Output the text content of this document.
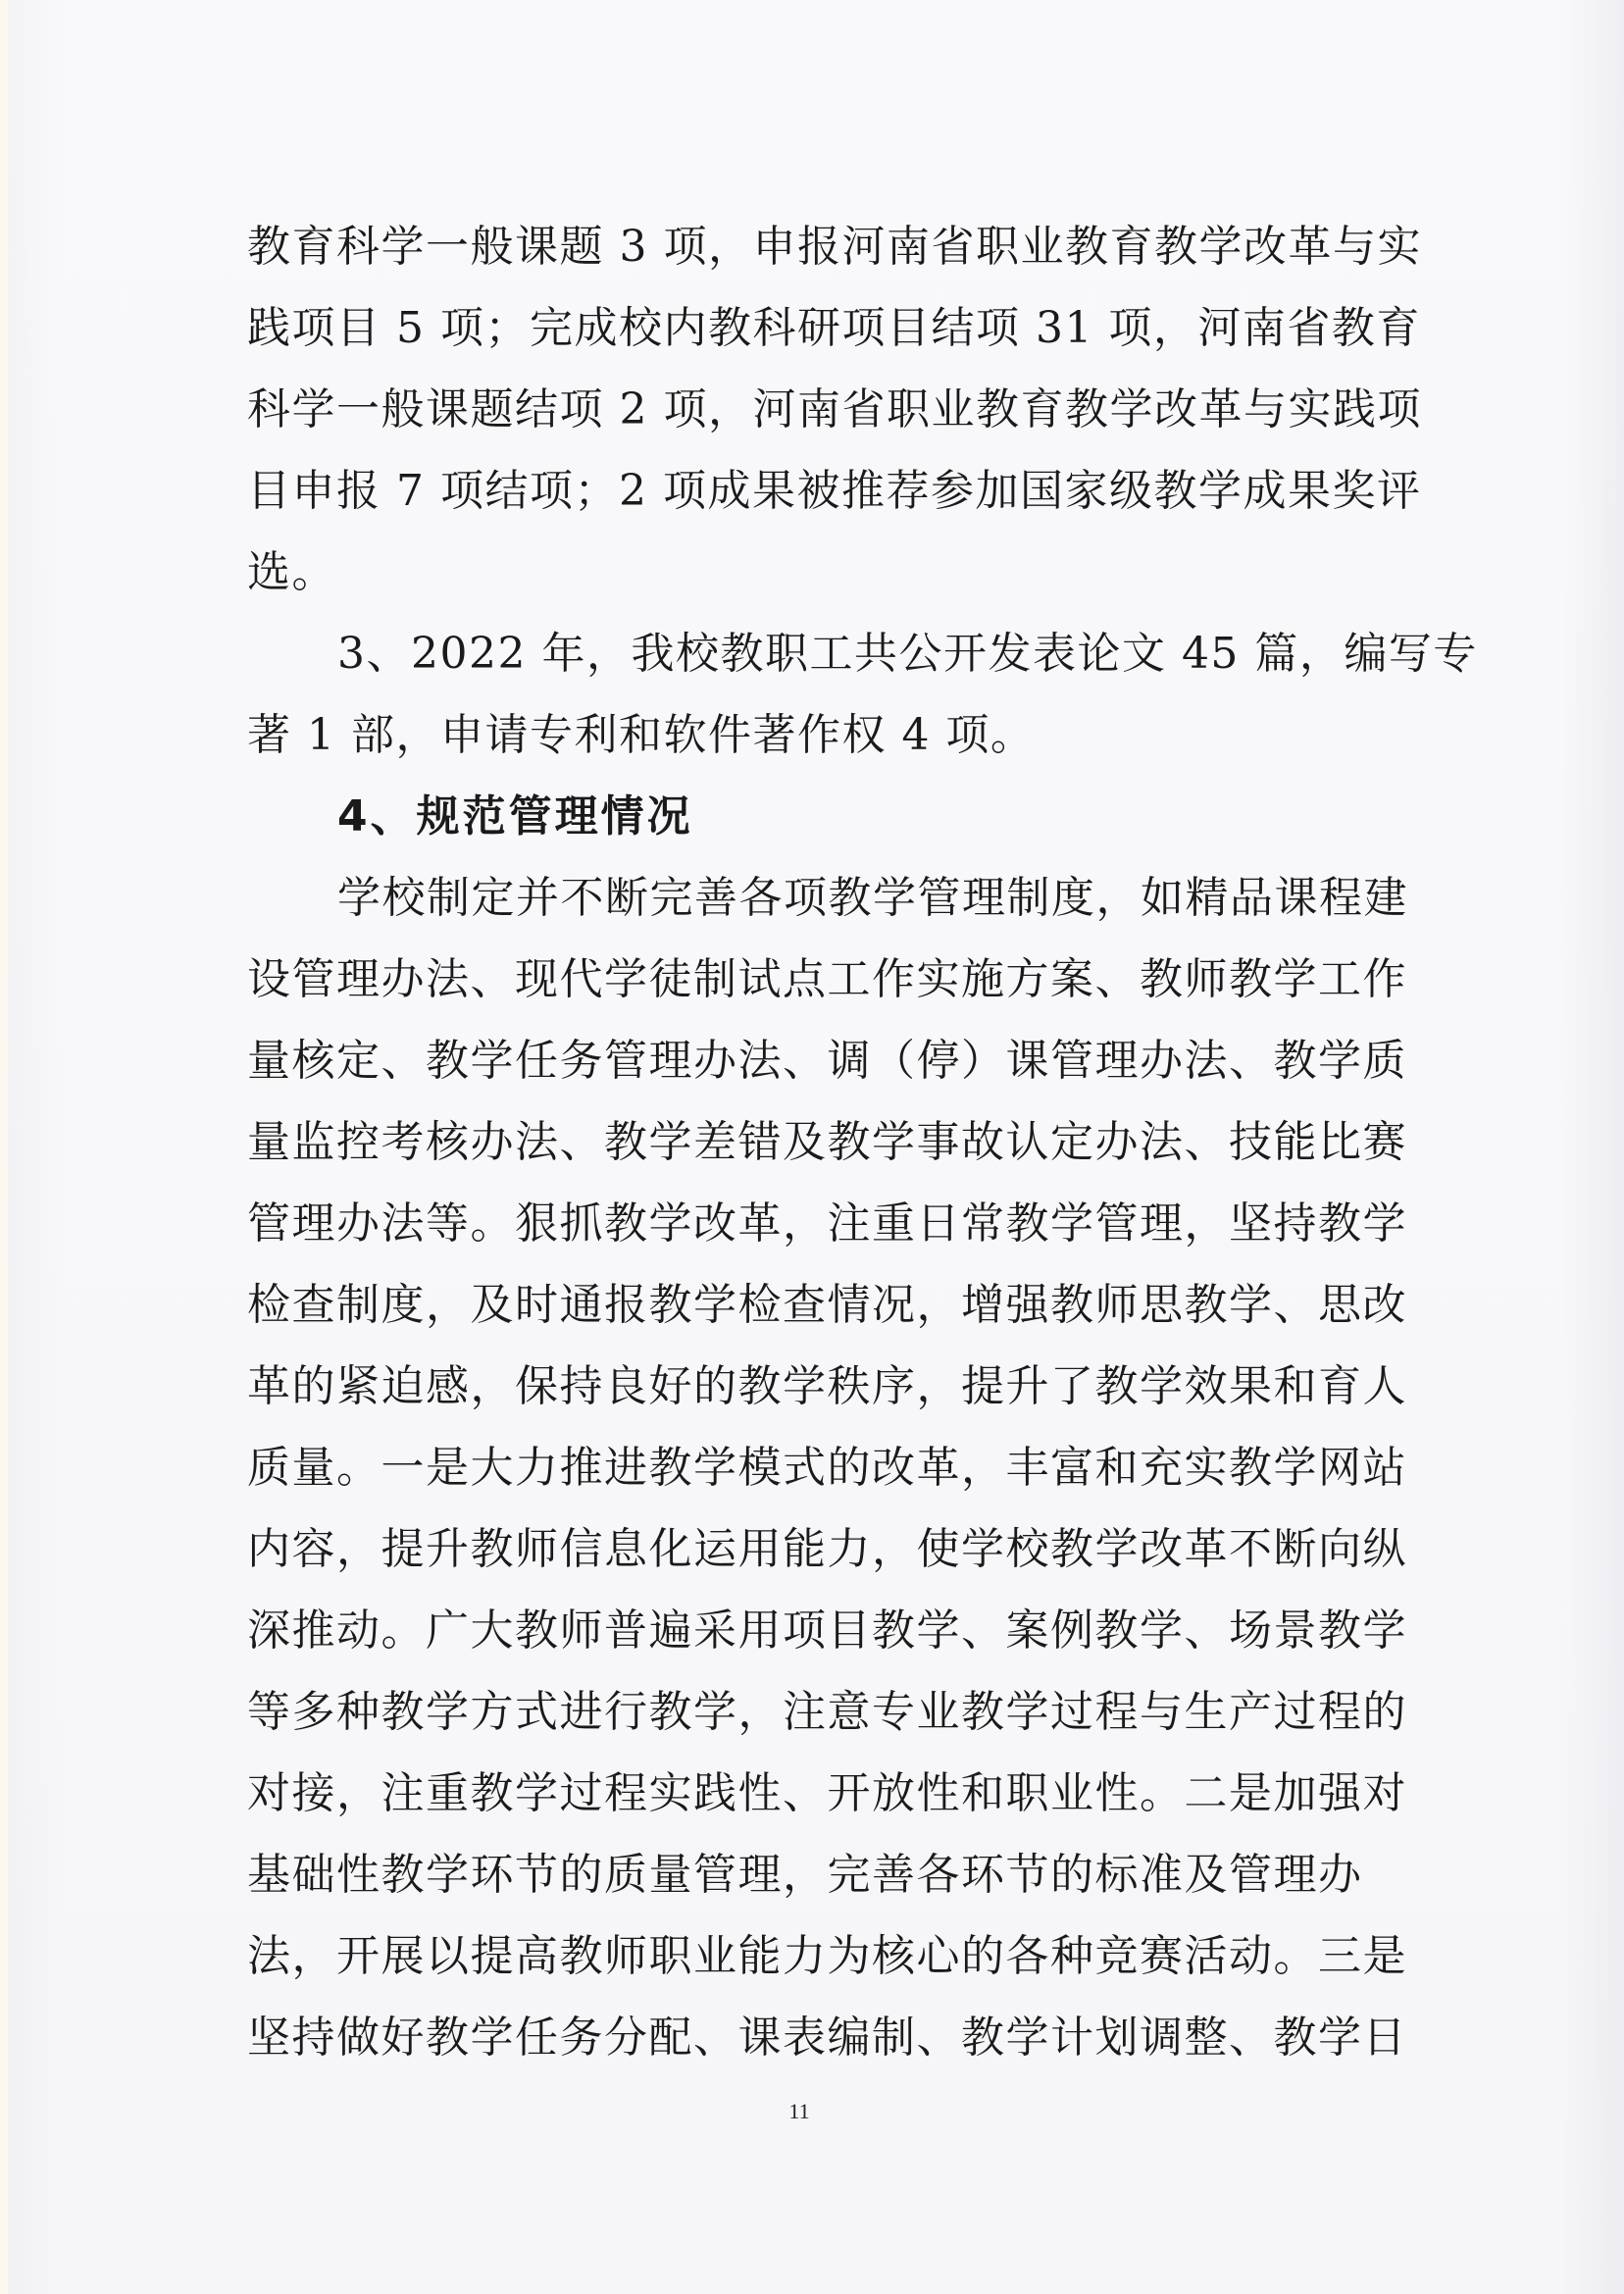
教育科学一般课题 3 项，申报河南省职业教育教学改革与实
践项目 5 项；完成校内教科研项目结项 31 项，河南省教育
科学一般课题结项 2 项，河南省职业教育教学改革与实践项
目申报 7 项结项；2 项成果被推荐参加国家级教学成果奖评
选。
3、2022 年，我校教职工共公开发表论文 45 篇，编写专
著 1 部，申请专利和软件著作权 4 项。
4、规范管理情况
学校制定并不断完善各项教学管理制度，如精品课程建
设管理办法、现代学徒制试点工作实施方案、教师教学工作
量核定、教学任务管理办法、调（停）课管理办法、教学质
量监控考核办法、教学差错及教学事故认定办法、技能比赛
管理办法等。狠抓教学改革，注重日常教学管理，坚持教学
检查制度，及时通报教学检查情况，增强教师思教学、思改
革的紧迫感，保持良好的教学秩序，提升了教学效果和育人
质量。一是大力推进教学模式的改革，丰富和充实教学网站
内容，提升教师信息化运用能力，使学校教学改革不断向纵
深推动。广大教师普遍采用项目教学、案例教学、场景教学
等多种教学方式进行教学，注意专业教学过程与生产过程的
对接，注重教学过程实践性、开放性和职业性。二是加强对
基础性教学环节的质量管理，完善各环节的标准及管理办
法，开展以提高教师职业能力为核心的各种竞赛活动。三是
坚持做好教学任务分配、课表编制、教学计划调整、教学日
11
